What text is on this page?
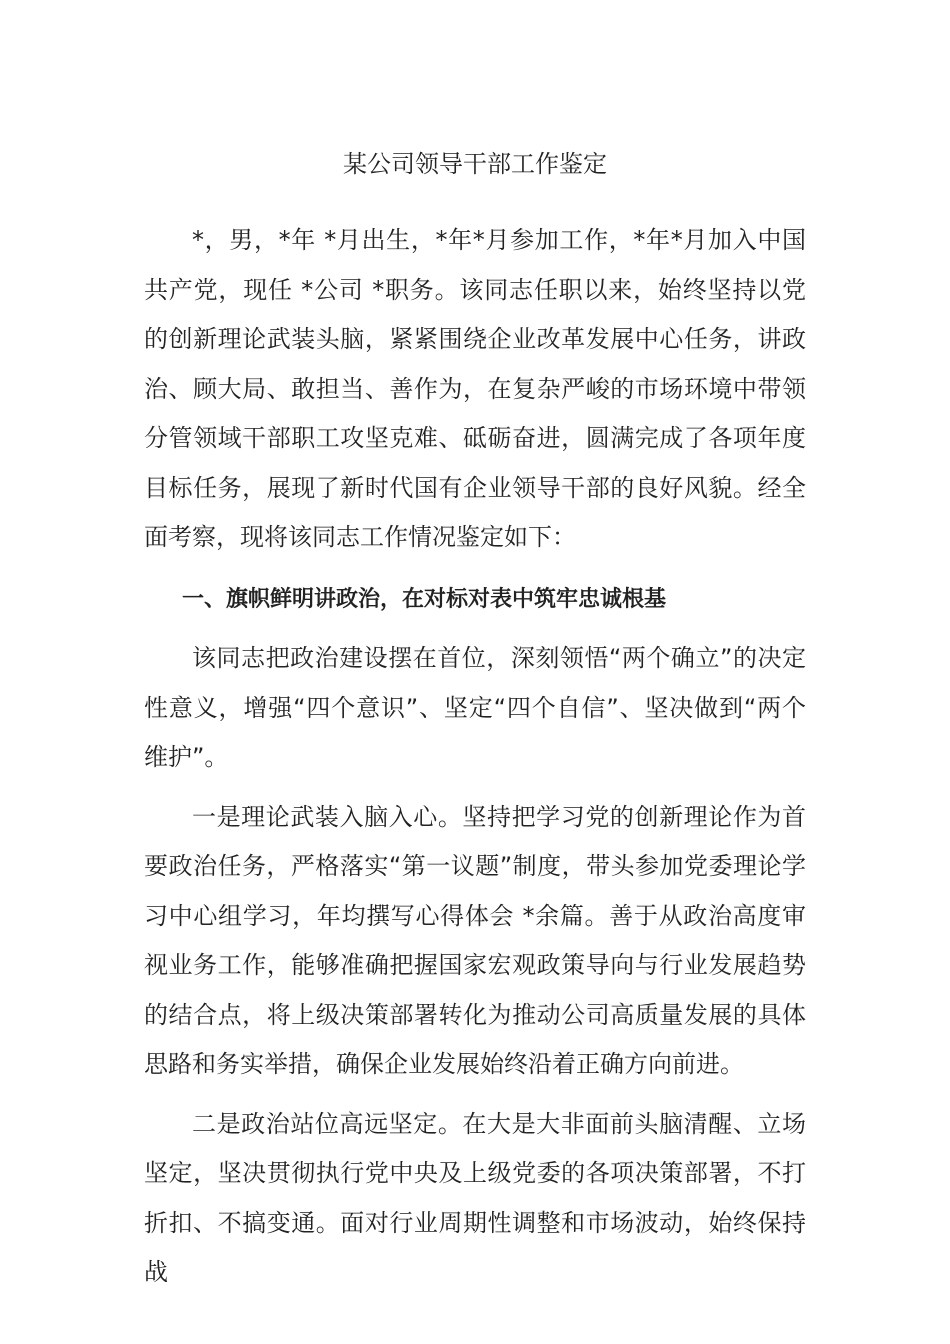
某公司领导干部工作鉴定

*，男，*年 *月出生，*年*月参加工作，*年*月加入中国共产党，现任 *公司 *职务。该同志任职以来，始终坚持以党的创新理论武装头脑，紧紧围绕企业改革发展中心任务，讲政治、顾大局、敢担当、善作为，在复杂严峻的市场环境中带领分管领域干部职工攻坚克难、砥砺奋进，圆满完成了各项年度目标任务，展现了新时代国有企业领导干部的良好风貌。经全面考察，现将该同志工作情况鉴定如下：

一、旗帜鲜明讲政治，在对标对表中筑牢忠诚根基

该同志把政治建设摆在首位，深刻领悟“两个确立”的决定性意义，增强“四个意识”、坚定“四个自信”、坚决做到“两个维护”。

一是理论武装入脑入心。坚持把学习党的创新理论作为首要政治任务，严格落实“第一议题”制度，带头参加党委理论学习中心组学习，年均撰写心得体会 *余篇。善于从政治高度审视业务工作，能够准确把握国家宏观政策导向与行业发展趋势的结合点，将上级决策部署转化为推动公司高质量发展的具体思路和务实举措，确保企业发展始终沿着正确方向前进。

二是政治站位高远坚定。在大是大非面前头脑清醒、立场坚定，坚决贯彻执行党中央及上级党委的各项决策部署，不打折扣、不搞变通。面对行业周期性调整和市场波动，始终保持战
